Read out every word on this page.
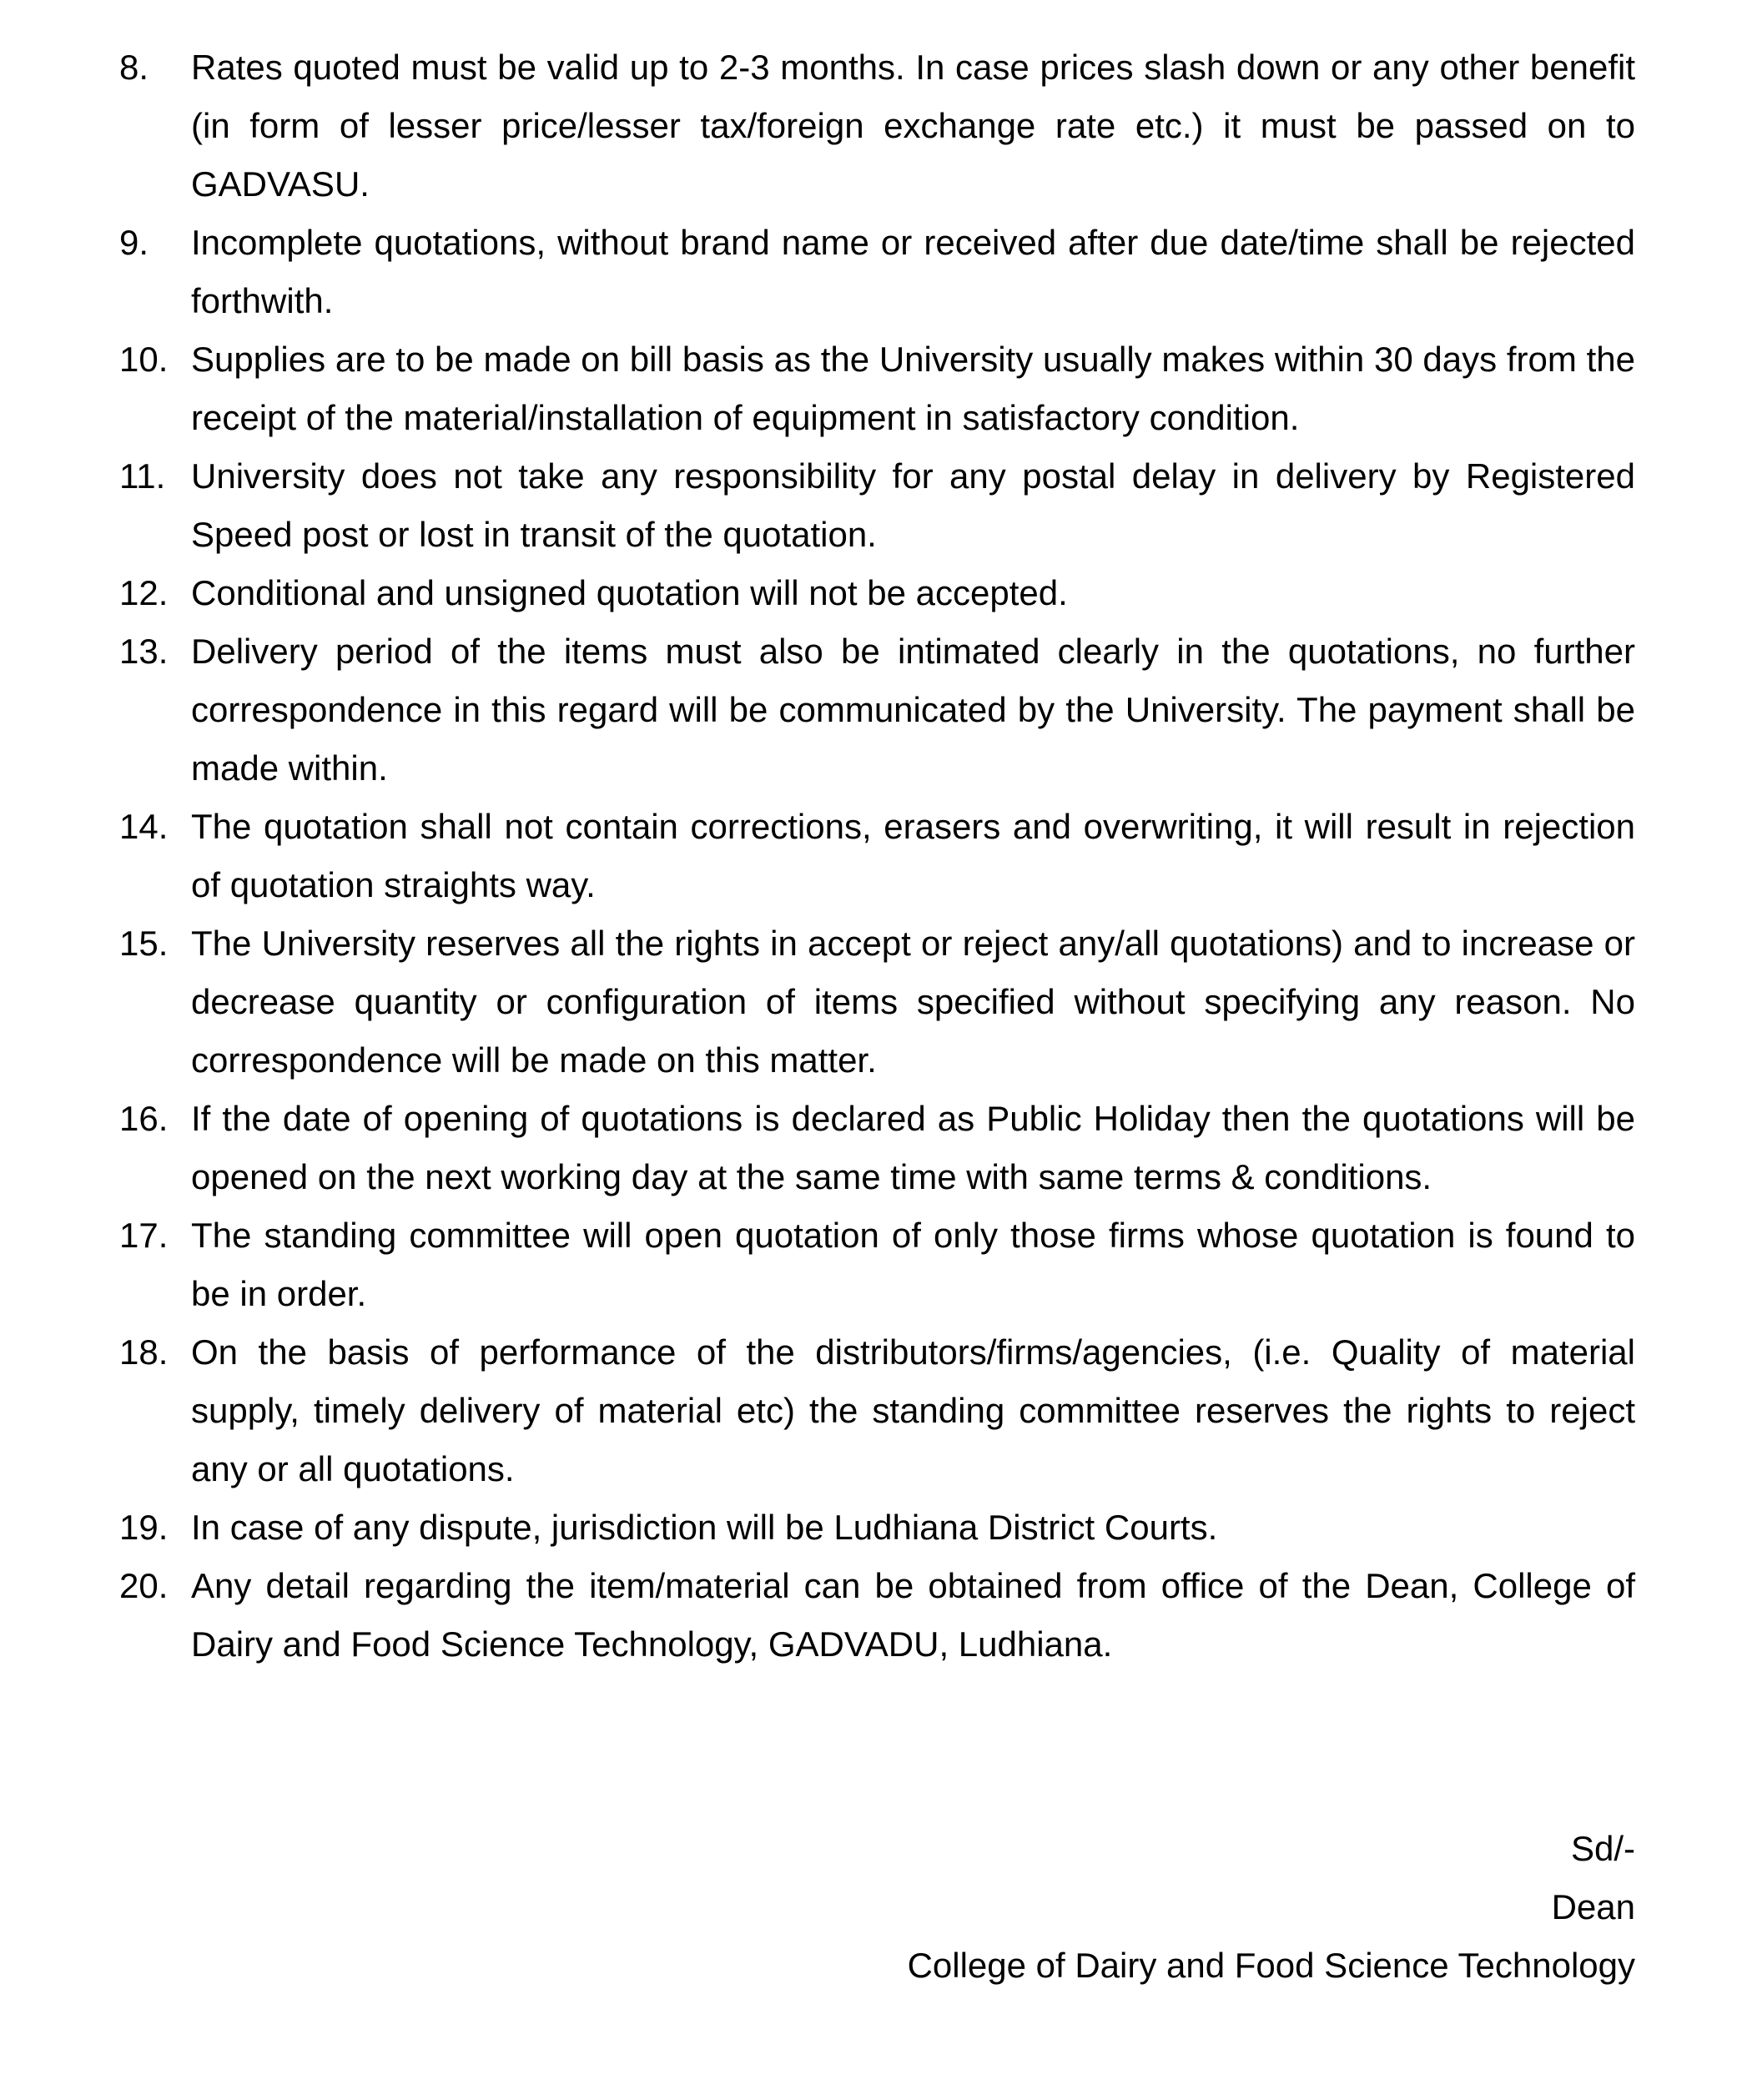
8.	Rates quoted must be valid up to 2-3 months. In case prices slash down or any other benefit (in form of lesser price/lesser tax/foreign exchange rate etc.) it must be passed on to GADVASU.
9.	Incomplete quotations, without brand name or received after due date/time shall be rejected forthwith.
10. Supplies are to be made on bill basis as the University usually makes within 30 days from the receipt of the material/installation of equipment in satisfactory condition.
11. University does not take any responsibility for any postal delay in delivery by Registered Speed post or lost in transit of the quotation.
12. Conditional and unsigned quotation will not be accepted.
13. Delivery period of the items must also be intimated clearly in the quotations, no further correspondence in this regard will be communicated by the University. The payment shall be made within.
14. The quotation shall not contain corrections, erasers and overwriting, it will result in rejection of quotation straights way.
15. The University reserves all the rights in accept or reject any/all quotations) and to increase or decrease quantity or configuration of items specified without specifying any reason. No correspondence will be made on this matter.
16. If the date of opening of quotations is declared as Public Holiday then the quotations will be opened on the next working day at the same time with same terms & conditions.
17. The standing committee will open quotation of only those firms whose quotation is found to be in order.
18. On the basis of performance of the distributors/firms/agencies, (i.e. Quality of material supply, timely delivery of material etc) the standing committee reserves the rights to reject any or all quotations.
19. In case of any dispute, jurisdiction will be Ludhiana District Courts.
20. Any detail regarding the item/material can be obtained from office of the Dean, College of Dairy and Food Science Technology, GADVADU, Ludhiana.
Sd/-
Dean
College of Dairy and Food Science Technology
